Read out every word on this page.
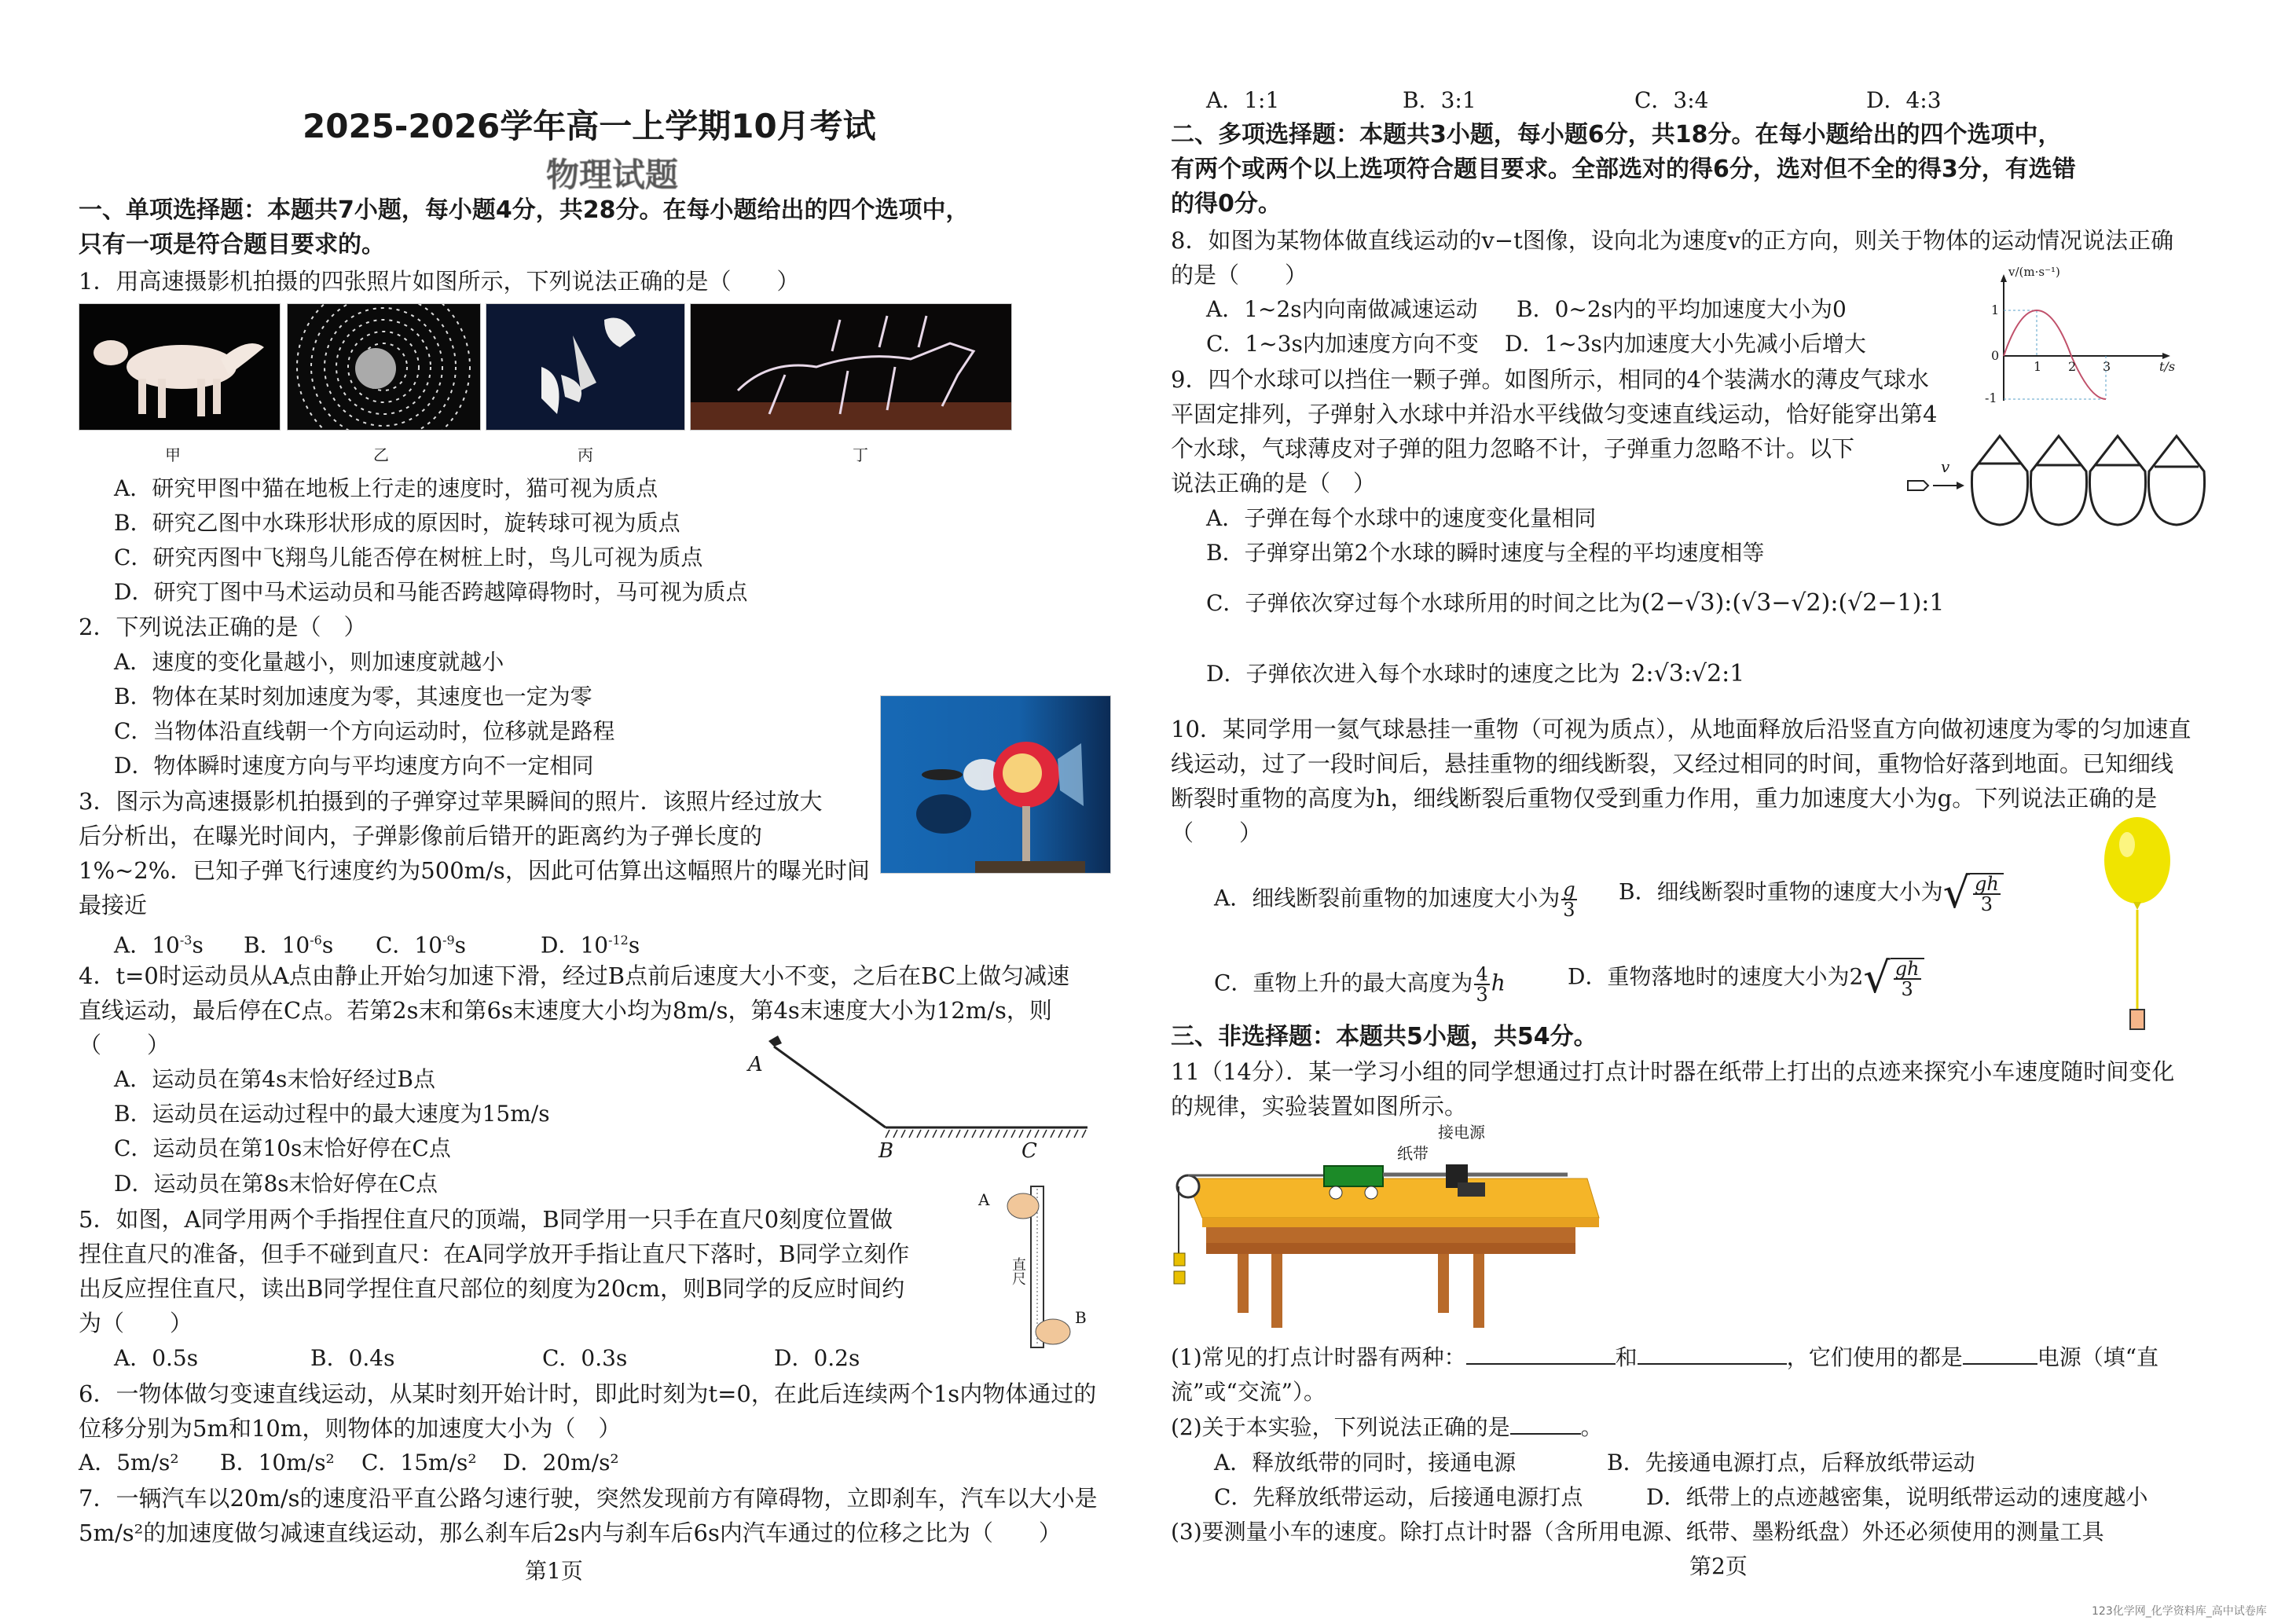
2025-2026学年高一上学期10月考试
物理试题
一、单项选择题：本题共7小题，每小题4分，共28分。在每小题给出的四个选项中，
只有一项是符合题目要求的。
1．用高速摄影机拍摄的四张照片如图所示，下列说法正确的是（　　）
甲	乙	丙	丁
A．研究甲图中猫在地板上行走的速度时，猫可视为质点
B．研究乙图中水珠形状形成的原因时，旋转球可视为质点
C．研究丙图中飞翔鸟儿能否停在树桩上时，鸟儿可视为质点
D．研究丁图中马术运动员和马能否跨越障碍物时，马可视为质点
2．下列说法正确的是（　）
A．速度的变化量越小，则加速度就越小
B．物体在某时刻加速度为零，其速度也一定为零
C．当物体沿直线朝一个方向运动时，位移就是路程
D．物体瞬时速度方向与平均速度方向不一定相同
3．图示为高速摄影机拍摄到的子弹穿过苹果瞬间的照片．该照片经过放大
后分析出，在曝光时间内，子弹影像前后错开的距离约为子弹长度的
1%~2%．已知子弹飞行速度约为500m/s，因此可估算出这幅照片的曝光时间
最接近
A．$10^{-3}s$ B．$10^{-6}s$ C．$10^{-9}s$	D．$10^{-12}s$
4．t=0时运动员从A点由静止开始匀加速下滑，经过B点前后速度大小不变，之后在BC上做匀减速
直线运动，最后停在C点。若第2s末和第6s末速度大小均为8m/s，第4s末速度大小为12m/s，则
（　　）
A．运动员在第4s末恰好经过B点
B．运动员在运动过程中的最大速度为15m/s
C．运动员在第10s末恰好停在C点
D．运动员在第8s末恰好停在C点
A
B	C
5．如图，A同学用两个手指捏住直尺的顶端，B同学用一只手在直尺0刻度位置做
捏住直尺的准备，但手不碰到直尺：在A同学放开手指让直尺下落时，B同学立刻作
出反应捏住直尺，读出B同学捏住直尺部位的刻度为20cm，则B同学的反应时间约
为（　　）
A．0.5s	B．0.4s	C．0.3s	D．0.2s
A
B
直尺
6．一物体做匀变速直线运动，从某时刻开始计时，即此时刻为t=0，在此后连续两个1s内物体通过的
位移分别为5m和10m，则物体的加速度大小为（　）
A．5m/s² B．10m/s² C．15m/s² D．20m/s²
7．一辆汽车以20m/s的速度沿平直公路匀速行驶，突然发现前方有障碍物，立即刹车，汽车以大小是
5m/s²的加速度做匀减速直线运动，那么刹车后2s内与刹车后6s内汽车通过的位移之比为（　　）
第1页
A．1:1	B．3:1	C．3:4	D．4:3
二、多项选择题：本题共3小题，每小题6分，共18分。在每小题给出的四个选项中，
有两个或两个以上选项符合题目要求。全部选对的得6分，选对但不全的得3分，有选错
的得0分。
8．如图为某物体做直线运动的v−t图像，设向北为速度v的正方向，则关于物体的运动情况说法正确
的是（　　）
A．1~2s内向南做减速运动 B．0~2s内的平均加速度大小为0
C．1~3s内加速度方向不变 D．1~3s内加速度大小先减小后增大
v/(m·s⁻¹)
1
0
-1
1 2 3	t/s
9．四个水球可以挡住一颗子弹。如图所示，相同的4个装满水的薄皮气球水
平固定排列，子弹射入水球中并沿水平线做匀变速直线运动，恰好能穿出第4
个水球，气球薄皮对子弹的阻力忽略不计，子弹重力忽略不计。以下
说法正确的是（　）
A．子弹在每个水球中的速度变化量相同
B．子弹穿出第2个水球的瞬时速度与全程的平均速度相等
C．子弹依次穿过每个水球所用的时间之比为(2−√3):(√3−√2):(√2−1):1
D．子弹依次进入每个水球时的速度之比为 2:√3:√2:1
v
10．某同学用一氦气球悬挂一重物（可视为质点），从地面释放后沿竖直方向做初速度为零的匀加速直
线运动，过了一段时间后，悬挂重物的细线断裂，又经过相同的时间，重物恰好落到地面。已知细线
断裂时重物的高度为h，细线断裂后重物仅受到重力作用，重力加速度大小为g。下列说法正确的是
（　　）
A．细线断裂前重物的加速度大小为 $\frac{g}{3}$ B．细线断裂时重物的速度大小为 √ $\frac{gh}{3}$
C．重物上升的最大高度为 $\frac{4}{3}$ h	D．重物落地时的速度大小为2 √ $\frac{gh}{3}$
三、非选择题：本题共5小题，共54分。
11（14分）．某一学习小组的同学想通过打点计时器在纸带上打出的点迹来探究小车速度随时间变化
的规律，实验装置如图所示。
接电源
纸带
(1)常见的打点计时器有两种：	和	，它们使用的都是	电源（填“直
流”或“交流”）。
(2)关于本实验，下列说法正确的是	。
A．释放纸带的同时，接通电源	B．先接通电源打点，后释放纸带运动
C．先释放纸带运动，后接通电源打点	D．纸带上的点迹越密集，说明纸带运动的速度越小
(3)要测量小车的速度。除打点计时器（含所用电源、纸带、墨粉纸盘）外还必须使用的测量工具
第2页
123化学网_化学资料库_高中试卷库
